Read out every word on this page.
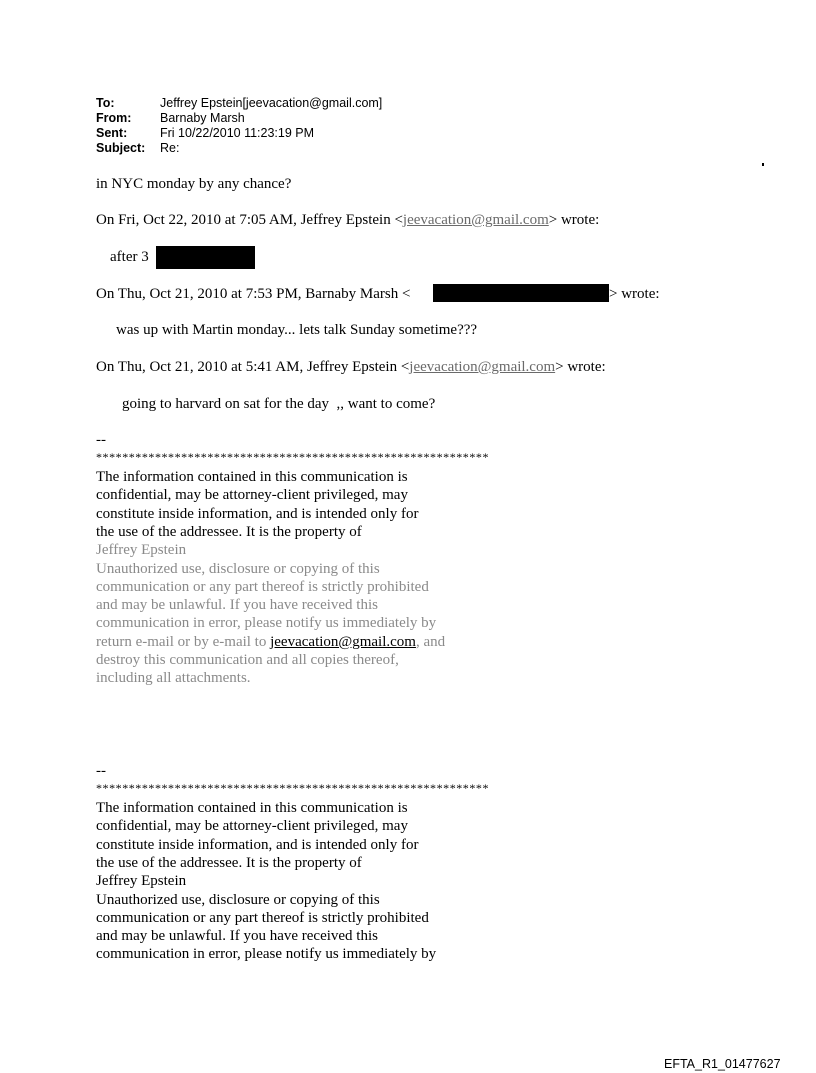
To:	Jeffrey Epstein[jeevacation@gmail.com]
From: Barnaby Marsh
Sent:	Fri 10/22/2010 11:23:19 PM
Subject: Re:
in NYC monday by any chance?
On Fri, Oct 22, 2010 at 7:05 AM, Jeffrey Epstein <jeevacation@gmail.com> wrote:
after 3
On Thu, Oct 21, 2010 at 7:53 PM, Barnaby Marsh <	> wrote:
was up with Martin monday... lets talk Sunday sometime???
On Thu, Oct 21, 2010 at 5:41 AM, Jeffrey Epstein <jeevacation@gmail.com> wrote:
going to harvard on sat for the day  ,, want to come?
--
************************************************************
The information contained in this communication is
confidential, may be attorney-client privileged, may
constitute inside information, and is intended only for
the use of the addressee. It is the property of
Jeffrey Epstein
Unauthorized use, disclosure or copying of this
communication or any part thereof is strictly prohibited
and may be unlawful. If you have received this
communication in error, please notify us immediately by
return e-mail or by e-mail to jeevacation@gmail.com, and
destroy this communication and all copies thereof,
including all attachments.
--
************************************************************
The information contained in this communication is
confidential, may be attorney-client privileged, may
constitute inside information, and is intended only for
the use of the addressee. It is the property of
Jeffrey Epstein
Unauthorized use, disclosure or copying of this
communication or any part thereof is strictly prohibited
and may be unlawful. If you have received this
communication in error, please notify us immediately by
EFTA_R1_01477627
